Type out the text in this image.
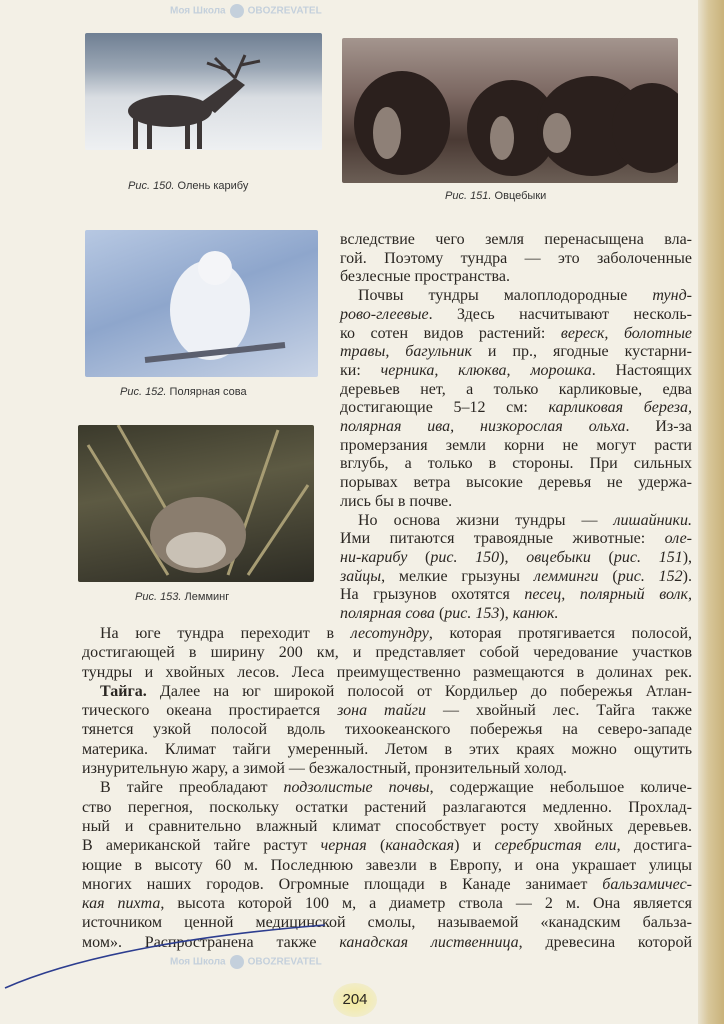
Рис. 150. Олень карибу
Рис. 151. Овцебыки
Рис. 152. Полярная сова
Рис. 153. Лемминг
вследствие чего земля перенасыщена вла-
гой. Поэтому тундра — это заболоченные
безлесные пространства.
Почвы тундры малоплодородные тунд-
рово-глеевые. Здесь насчитывают несколь-
ко сотен видов растений: вереск, болотные
травы, багульник и пр., ягодные кустарни-
ки: черника, клюква, морошка. Настоящих
деревьев нет, а только карликовые, едва
достигающие 5–12 см: карликовая береза,
полярная ива, низкорослая ольха. Из-за
промерзания земли корни не могут расти
вглубь, а только в стороны. При сильных
порывах ветра высокие деревья не удержа-
лись бы в почве.
Но основа жизни тундры — лишайники.
Ими питаются травоядные животные: оле-
ни-карибу (рис. 150), овцебыки (рис. 151),
зайцы, мелкие грызуны лемминги (рис. 152).
На грызунов охотятся песец, полярный волк,
полярная сова (рис. 153), канюк.
На юге тундра переходит в лесотундру, которая протягивается полосой,
достигающей в ширину 200 км, и представляет собой чередование участков
тундры и хвойных лесов. Леса преимущественно размещаются в долинах рек.
Тайга. Далее на юг широкой полосой от Кордильер до побережья Атлан-
тического океана простирается зона тайги — хвойный лес. Тайга также
тянется узкой полосой вдоль тихоокеанского побережья на северо-западе
материка. Климат тайги умеренный. Летом в этих краях можно ощутить
изнурительную жару, а зимой — безжалостный, пронзительный холод.
В тайге преобладают подзолистые почвы, содержащие небольшое количе-
ство перегноя, поскольку остатки растений разлагаются медленно. Прохлад-
ный и сравнительно влажный климат способствует росту хвойных деревьев.
В американской тайге растут черная (канадская) и серебристая ели, достига-
ющие в высоту 60 м. Последнюю завезли в Европу, и она украшает улицы
многих наших городов. Огромные площади в Канаде занимает бальзамичес-
кая пихта, высота которой 100 м, а диаметр ствола — 2 м. Она является
источником ценной медицинской смолы, называемой «канадским бальза-
мом». Распространена также канадская лиственница, древесина которой
Моя Школа OBOZREVATEL
Моя Школа OBOZREVATEL
204
